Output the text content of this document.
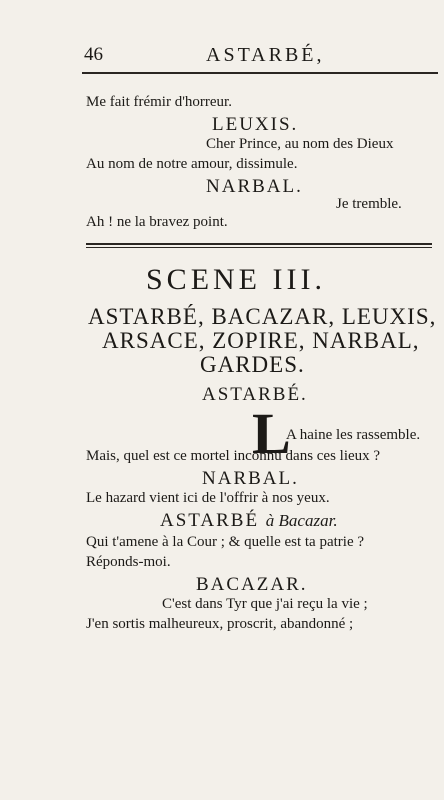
46	ASTARBÉ,
Me fait frémir d'horreur.
LEUXIS.
Cher Prince, au nom des Dieux
Au nom de notre amour, dissimule.
NARBAL.
Je tremble.
Ah ! ne la bravez point.
SCENE III.
ASTARBÉ, BACAZAR, LEUXIS,
ARSACE, ZOPIRE, NARBAL,
GARDES.
ASTARBÉ.
L
A haine les rassemble.
Mais, quel est ce mortel inconnu dans ces lieux ?
NARBAL.
Le hazard vient ici de l'offrir à nos yeux.
ASTARBÉ à Bacazar.
Qui t'amene à la Cour ; & quelle est ta patrie ?
Réponds-moi.
BACAZAR.
C'est dans Tyr que j'ai reçu la vie ;
J'en sortis malheureux, proscrit, abandonné ;
